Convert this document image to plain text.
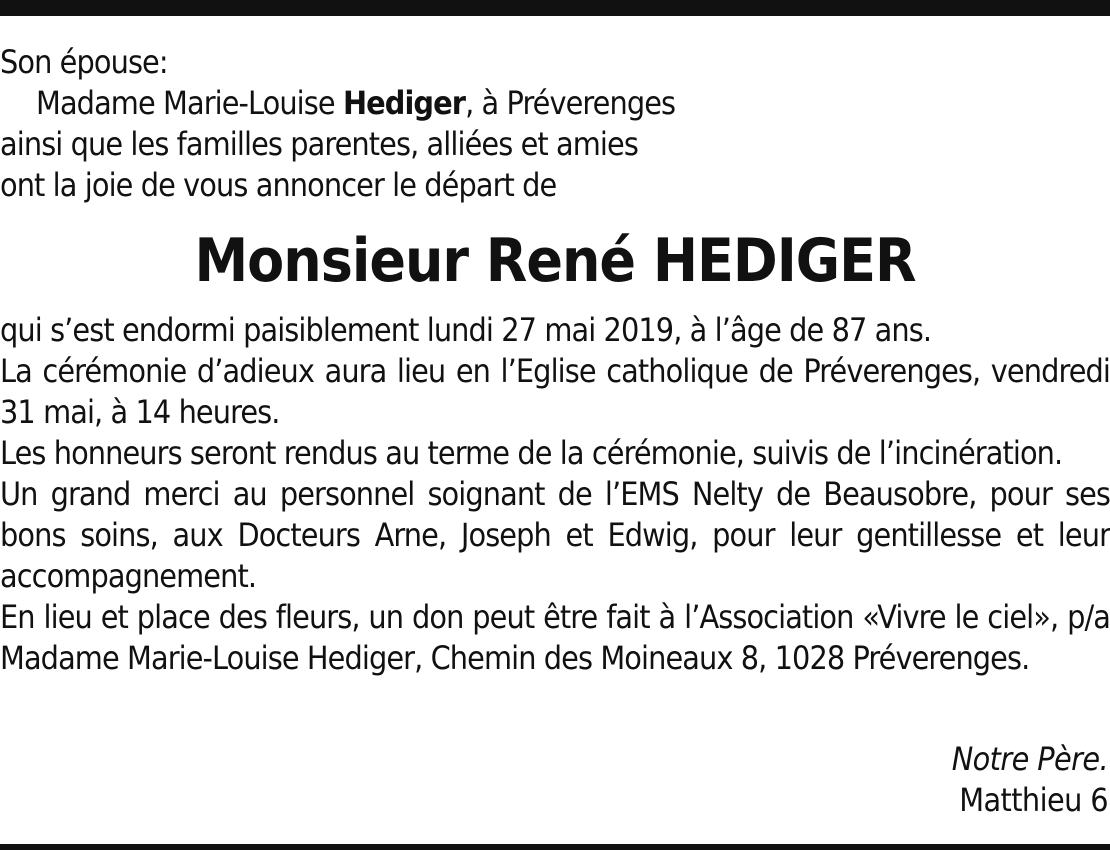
Son épouse:
Madame Marie-Louise Hediger, à Préverenges
ainsi que les familles parentes, alliées et amies
ont la joie de vous annoncer le départ de
Monsieur René HEDIGER

qui s’est endormi paisiblement lundi 27 mai 2019, à l’âge de 87 ans.

La cérémonie d’adieux aura lieu en l’Eglise catholique de Préverenges, vendredi 31 mai, à 14 heures.

Les honneurs seront rendus au terme de la cérémonie, suivis de l’incinération.

Un grand merci au personnel soignant de l’EMS Nelty de Beausobre, pour ses bons soins, aux Docteurs Arne, Joseph et Edwig, pour leur gentillesse et leur accompagnement.

En lieu et place des fleurs, un don peut être fait à l’Association «Vivre le ciel», p/a Madame Marie-Louise Hediger, Chemin des Moineaux 8, 1028 Préverenges.

Notre Père.
Matthieu 6
